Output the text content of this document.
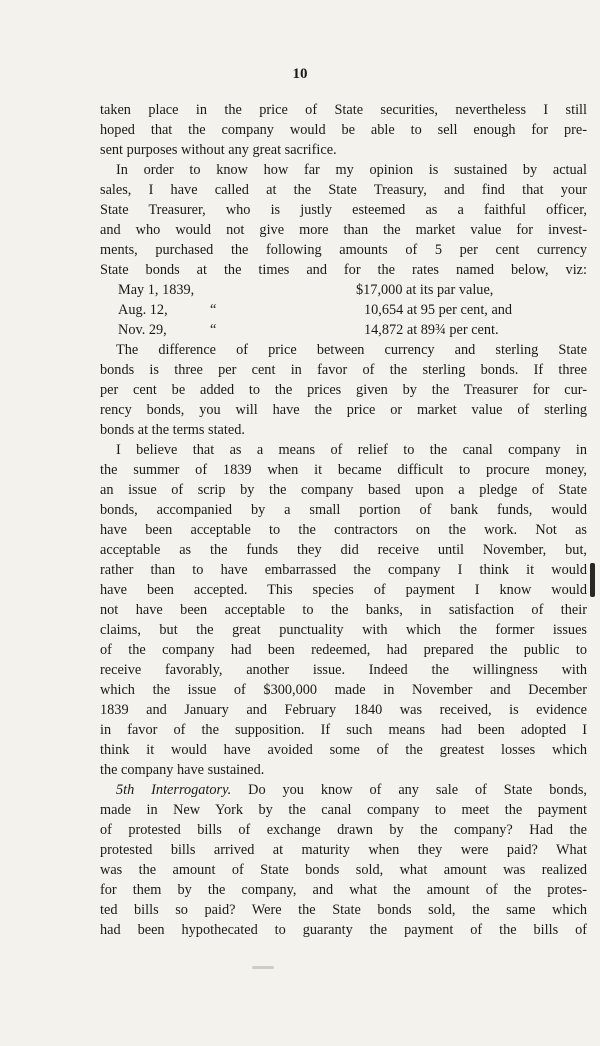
10
taken place in the price of State securities, nevertheless I still
hoped that the company would be able to sell enough for pre-
sent purposes without any great sacrifice.
In order to know how far my opinion is sustained by actual
sales, I have called at the State Treasury, and find that your
State Treasurer, who is justly esteemed as a faithful officer,
and who would not give more than the market value for invest-
ments, purchased the following amounts of 5 per cent currency
State bonds at the times and for the rates named below, viz:
May 1, 1839,	$17,000 at its par value,
Aug. 12,	“	10,654 at 95 per cent, and
Nov. 29,	“	14,872 at 89¾ per cent.
The difference of price between currency and sterling State
bonds is three per cent in favor of the sterling bonds. If three
per cent be added to the prices given by the Treasurer for cur-
rency bonds, you will have the price or market value of sterling
bonds at the terms stated.
I believe that as a means of relief to the canal company in
the summer of 1839 when it became difficult to procure money,
an issue of scrip by the company based upon a pledge of State
bonds, accompanied by a small portion of bank funds, would
have been acceptable to the contractors on the work. Not as
acceptable as the funds they did receive until November, but,
rather than to have embarrassed the company I think it would
have been accepted. This species of payment I know would
not have been acceptable to the banks, in satisfaction of their
claims, but the great punctuality with which the former issues
of the company had been redeemed, had prepared the public to
receive favorably, another issue. Indeed the willingness with
which the issue of $300,000 made in November and December
1839 and January and February 1840 was received, is evidence
in favor of the supposition. If such means had been adopted I
think it would have avoided some of the greatest losses which
the company have sustained.
5th Interrogatory. Do you know of any sale of State bonds,
made in New York by the canal company to meet the payment
of protested bills of exchange drawn by the company? Had the
protested bills arrived at maturity when they were paid? What
was the amount of State bonds sold, what amount was realized
for them by the company, and what the amount of the protes-
ted bills so paid? Were the State bonds sold, the same which
had been hypothecated to guaranty the payment of the bills of
